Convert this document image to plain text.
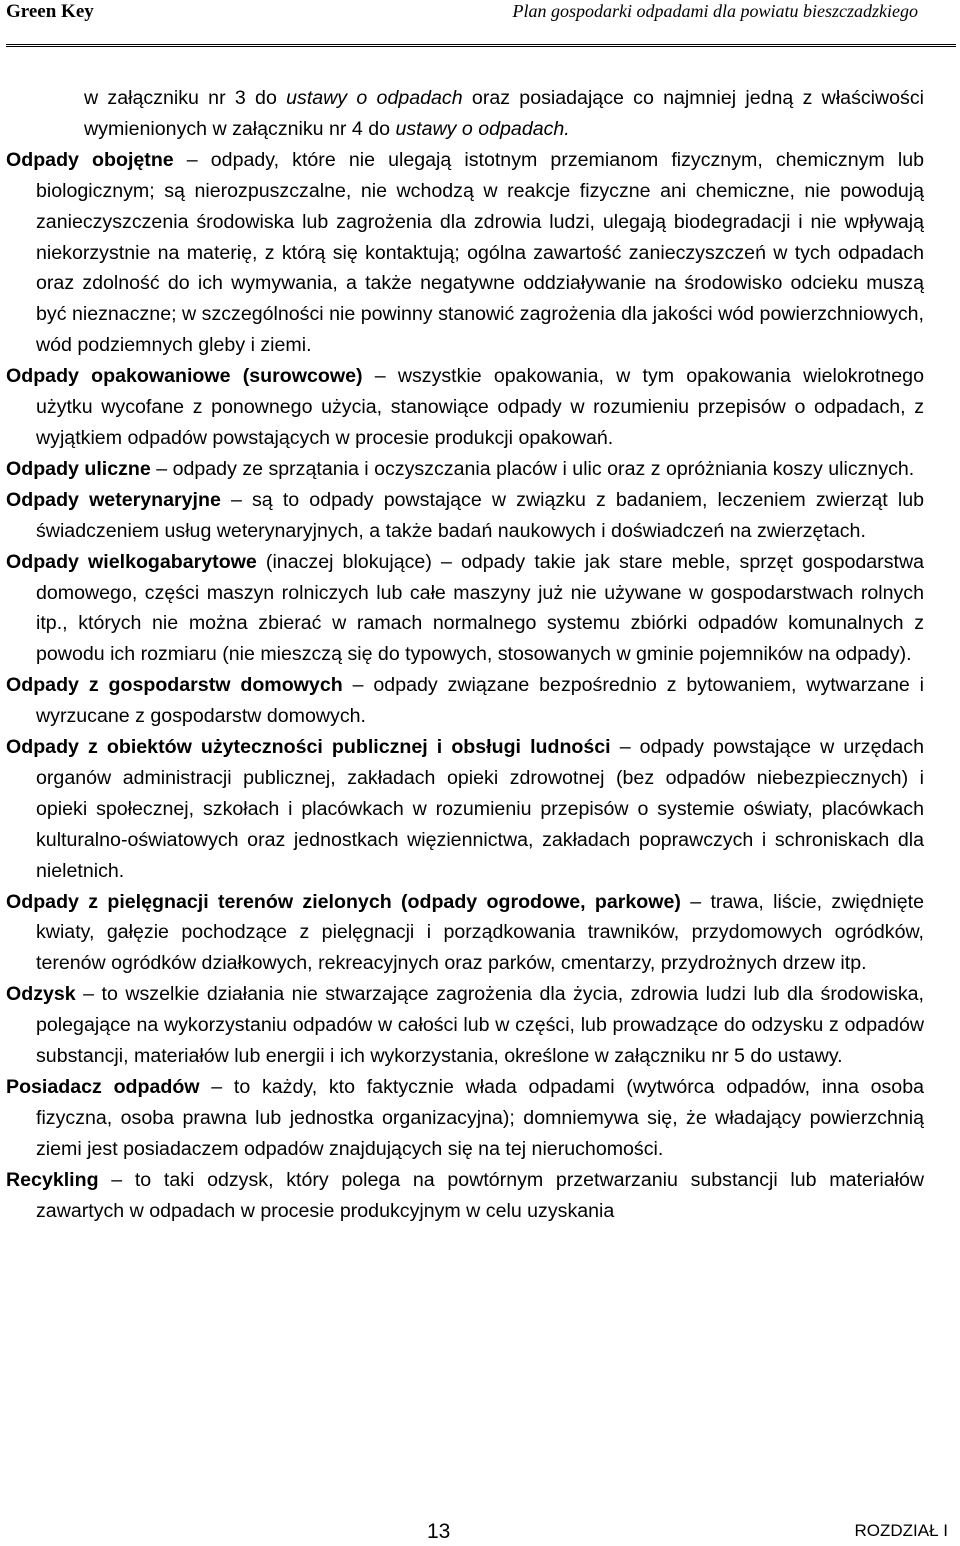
Green Key	Plan gospodarki odpadami dla powiatu bieszczadzkiego

w załączniku nr 3 do ustawy o odpadach oraz posiadające co najmniej jedną z właściwości wymienionych w załączniku nr 4 do ustawy o odpadach.

Odpady obojętne – odpady, które nie ulegają istotnym przemianom fizycznym, chemicznym lub biologicznym; są nierozpuszczalne, nie wchodzą w reakcje fizyczne ani chemiczne, nie powodują zanieczyszczenia środowiska lub zagrożenia dla zdrowia ludzi, ulegają biodegradacji i nie wpływają niekorzystnie na materię, z którą się kontaktują; ogólna zawartość zanieczyszczeń w tych odpadach oraz zdolność do ich wymywania, a także negatywne oddziaływanie na środowisko odcieku muszą być nieznaczne; w szczególności nie powinny stanowić zagrożenia dla jakości wód powierzchniowych, wód podziemnych gleby i ziemi.

Odpady opakowaniowe (surowcowe) – wszystkie opakowania, w tym opakowania wielokrotnego użytku wycofane z ponownego użycia, stanowiące odpady w rozumieniu przepisów o odpadach, z wyjątkiem odpadów powstających w procesie produkcji opakowań.

Odpady uliczne – odpady ze sprzątania i oczyszczania placów i ulic oraz z opróżniania koszy ulicznych.

Odpady weterynaryjne – są to odpady powstające w związku z badaniem, leczeniem zwierząt lub świadczeniem usług weterynaryjnych, a także badań naukowych i doświadczeń na zwierzętach.

Odpady wielkogabarytowe (inaczej blokujące) – odpady takie jak stare meble, sprzęt gospodarstwa domowego, części maszyn rolniczych lub całe maszyny już nie używane w gospodarstwach rolnych itp., których nie można zbierać w ramach normalnego systemu zbiórki odpadów komunalnych z powodu ich rozmiaru (nie mieszczą się do typowych, stosowanych w gminie pojemników na odpady).

Odpady z gospodarstw domowych – odpady związane bezpośrednio z bytowaniem, wytwarzane i wyrzucane z gospodarstw domowych.

Odpady z obiektów użyteczności publicznej i obsługi ludności – odpady powstające w urzędach organów administracji publicznej, zakładach opieki zdrowotnej (bez odpadów niebezpiecznych) i opieki społecznej, szkołach i placówkach w rozumieniu przepisów o systemie oświaty, placówkach kulturalno-oświatowych oraz jednostkach więziennictwa, zakładach poprawczych i schroniskach dla nieletnich.

Odpady z pielęgnacji terenów zielonych (odpady ogrodowe, parkowe) – trawa, liście, zwiędnięte kwiaty, gałęzie pochodzące z pielęgnacji i porządkowania trawników, przydomowych ogródków, terenów ogródków działkowych, rekreacyjnych oraz parków, cmentarzy, przydrożnych drzew itp.

Odzysk – to wszelkie działania nie stwarzające zagrożenia dla życia, zdrowia ludzi lub dla środowiska, polegające na wykorzystaniu odpadów w całości lub w części, lub prowadzące do odzysku z odpadów substancji, materiałów lub energii i ich wykorzystania, określone w załączniku nr 5 do ustawy.

Posiadacz odpadów – to każdy, kto faktycznie włada odpadami (wytwórca odpadów, inna osoba fizyczna, osoba prawna lub jednostka organizacyjna); domniemywa się, że władający powierzchnią ziemi jest posiadaczem odpadów znajdujących się na tej nieruchomości.

Recykling – to taki odzysk, który polega na powtórnym przetwarzaniu substancji lub materiałów zawartych w odpadach w procesie produkcyjnym w celu uzyskania

13	ROZDZIAŁ I
